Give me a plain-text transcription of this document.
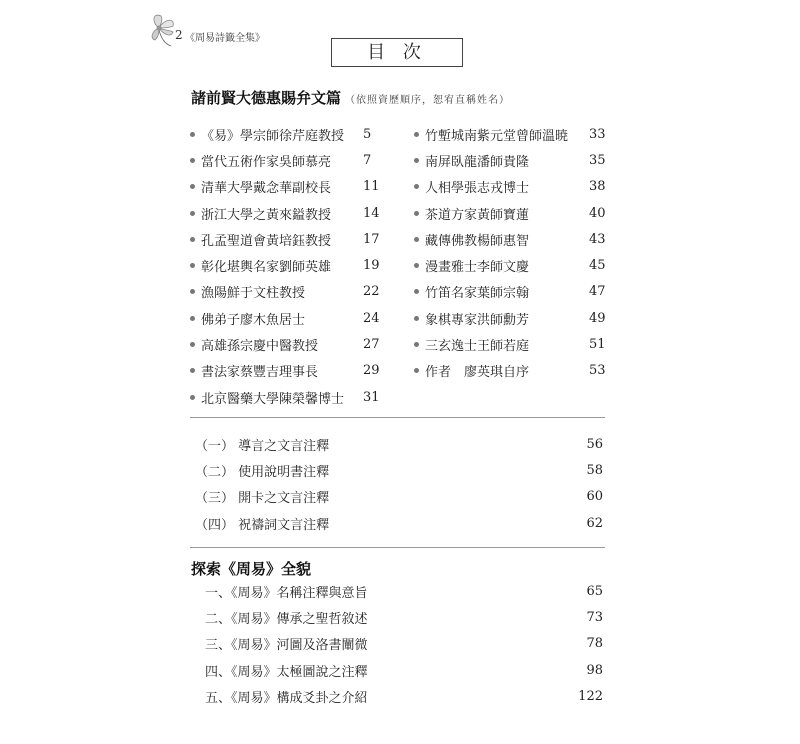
2 《周易詩籤全集》
目 次
諸前賢大德惠賜弁文篇 （依照資歷順序，恕宥直稱姓名）
《易》學宗師徐芹庭教授 5
當代五術作家吳師慕亮 7
清華大學戴念華副校長 11
浙江大學之黃來鎰教授 14
孔孟聖道會黃培鈺教授 17
彰化堪輿名家劉師英雄 19
漁陽鮮于文柱教授	22
佛弟子廖木魚居士	24
高雄孫宗慶中醫教授	27
書法家蔡豐吉理事長	29
北京醫藥大學陳榮馨博士 31
竹塹城南紫元堂曾師溫暁 33
南屏臥龍潘師貴隆	35
人相學張志戎博士	38
茶道方家黃師寶蓮	40
藏傳佛教楊師惠智	43
漫畫雅士李師文慶	45
竹笛名家葉師宗翰	47
象棋專家洪師勳芳	49
三玄逸士王師若庭	51
作者　廖英琪自序	53
（一） 導言之文言注釋	56
（二） 使用說明書注釋	58
（三） 開卡之文言注釋	60
（四） 祝禱詞文言注釋	62
探索《周易》全貌
一、《周易》名稱注釋與意旨	65
二、《周易》傳承之聖哲敘述	73
三、《周易》河圖及洛書闡微	78
四、《周易》太極圖說之注釋	98
五、《周易》構成爻卦之介紹	122
